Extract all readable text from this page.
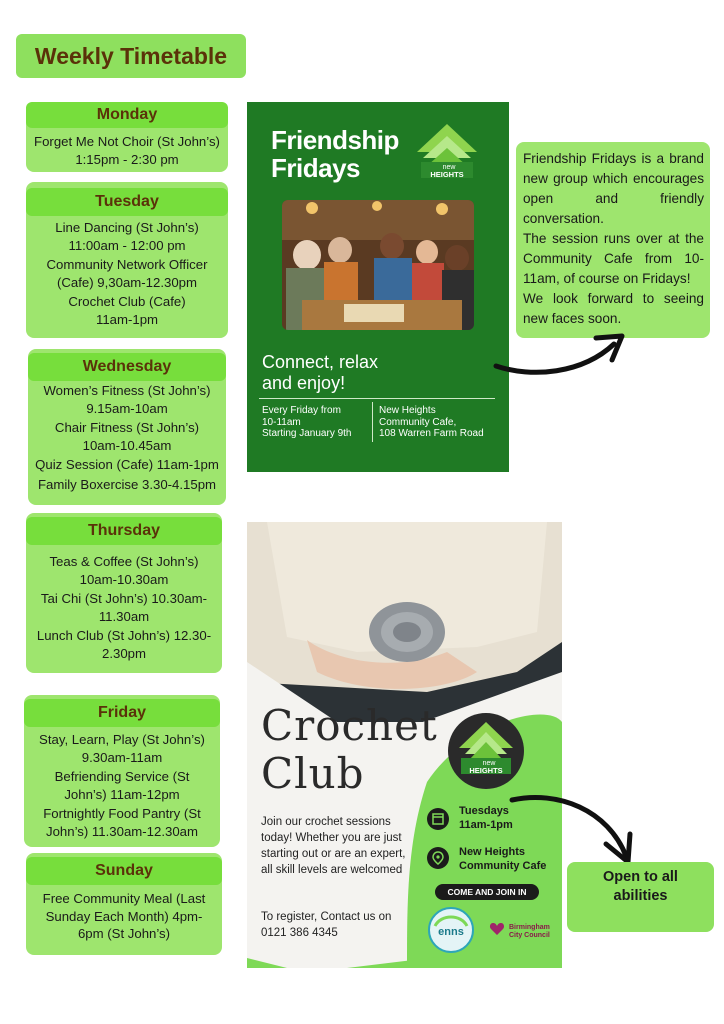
Weekly Timetable
Monday
Forget Me Not Choir (St John’s)
1:15pm - 2:30 pm
Tuesday
Line Dancing (St John’s)
11:00am - 12:00 pm
Community Network Officer
(Cafe) 9,30am-12.30pm
Crochet Club (Cafe)
11am-1pm
Wednesday
Women’s Fitness (St John’s)
9.15am-10am
Chair Fitness (St John’s)
10am-10.45am
Quiz Session (Cafe) 11am-1pm
Family Boxercise 3.30-4.15pm
Thursday
Teas & Coffee (St John’s)
10am-10.30am
Tai Chi (St John’s) 10.30am-
11.30am
Lunch Club (St John’s) 12.30-
2.30pm
Friday
Stay, Learn, Play (St John’s)
9.30am-11am
Befriending Service (St
John’s) 11am-12pm
Fortnightly Food Pantry (St
John’s) 11.30am-12.30am
Sunday
Free Community Meal (Last
Sunday Each Month) 4pm-
6pm (St John’s)
Friendship
Fridays	new
HEIGHTS
Connect, relax
and enjoy!
Every Friday from
10-11am
Starting January 9th
New Heights
Community Cafe,
108 Warren Farm Road
Friendship Fridays is a brand new group which encourages open and friendly conversation.
The session runs over at the Community Cafe from 10-11am, of course on Fridays!
We look forward to seeing new faces soon.
Crochet
Club	new
HEIGHTS
Join our crochet sessions today! Whether you are just starting out or are an expert, all skill levels are welcomed
To register, Contact us on 0121 386 4345
Tuesdays
11am-1pm
New Heights
Community Cafe
COME AND JOIN IN
enns	Birmingham
City Council
Open to all
abilities
